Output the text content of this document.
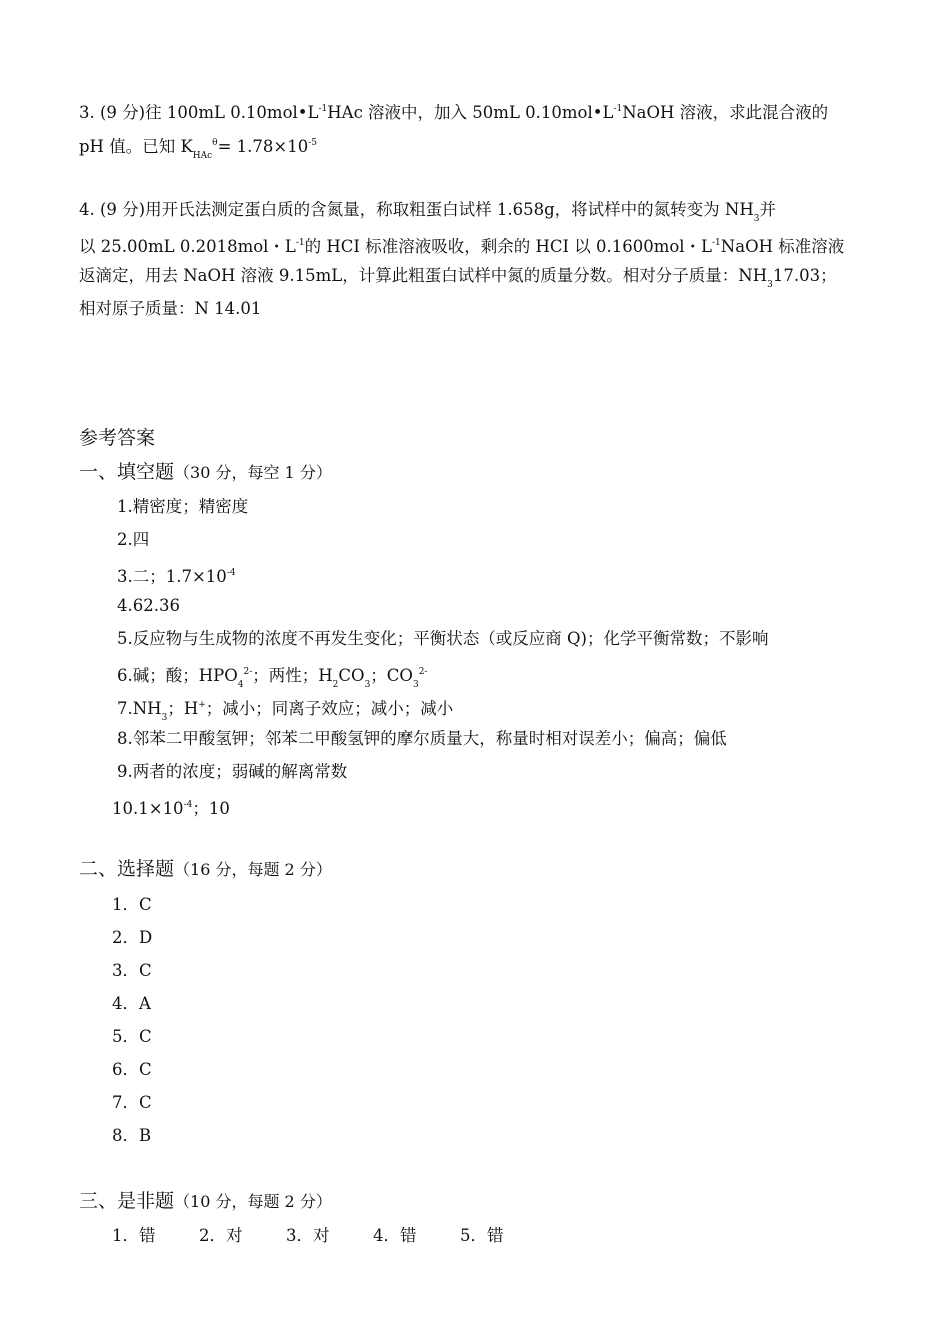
3. (9 分)往 100mL $0.10mol•L^{-1}HAc$ 溶液中，加入 50mL $0.10mol•L^{-1}NaOH$ 溶液，求此混合液的
pH 值。已知 $K_{HAc}^\theta= 1.78\times 10^{-5}$
4. (9 分)用开氏法测定蛋白质的含氮量，称取粗蛋白试样 1.658g，将试样中的氮转变为 $NH_3$并
以 25.00mL 0.2018mol・$L^{-1}$的 HCI 标准溶液吸收，剩余的 HCI 以 0.1600mol・$L^{-1}NaOH$ 标准溶液
返滴定，用去 NaOH 溶液 9.15mL，计算此粗蛋白试样中氮的质量分数。相对分子质量：$NH_317.03$；
相对原子质量：N 14.01
参考答案
一、填空题（30 分，每空 1 分）
1.精密度；精密度
2.四
3.二；$1.7\times 10^{-4}$
4.62.36
5.反应物与生成物的浓度不再发生变化；平衡状态（或反应商 Q)；化学平衡常数；不影响
6.碱；酸；$HPO_4^{2-}$；两性；$H_2CO_3$；$CO_3^{2-}$
$7.NH_3$；H+；减小；同离子效应；减小；减小
8.邻苯二甲酸氢钾；邻苯二甲酸氢钾的摩尔质量大，称量时相对误差小；偏高；偏低
9.两者的浓度；弱碱的解离常数
$10.1\times 10^{-4}$；10
二、选择题（16 分，每题 2 分）
1．C
2．D
3．C
4．A
5．C
6．C
7．C
8．B
三、是非题（10 分，每题 2 分）
1．错	2．对	3．对	4．错	5．错
